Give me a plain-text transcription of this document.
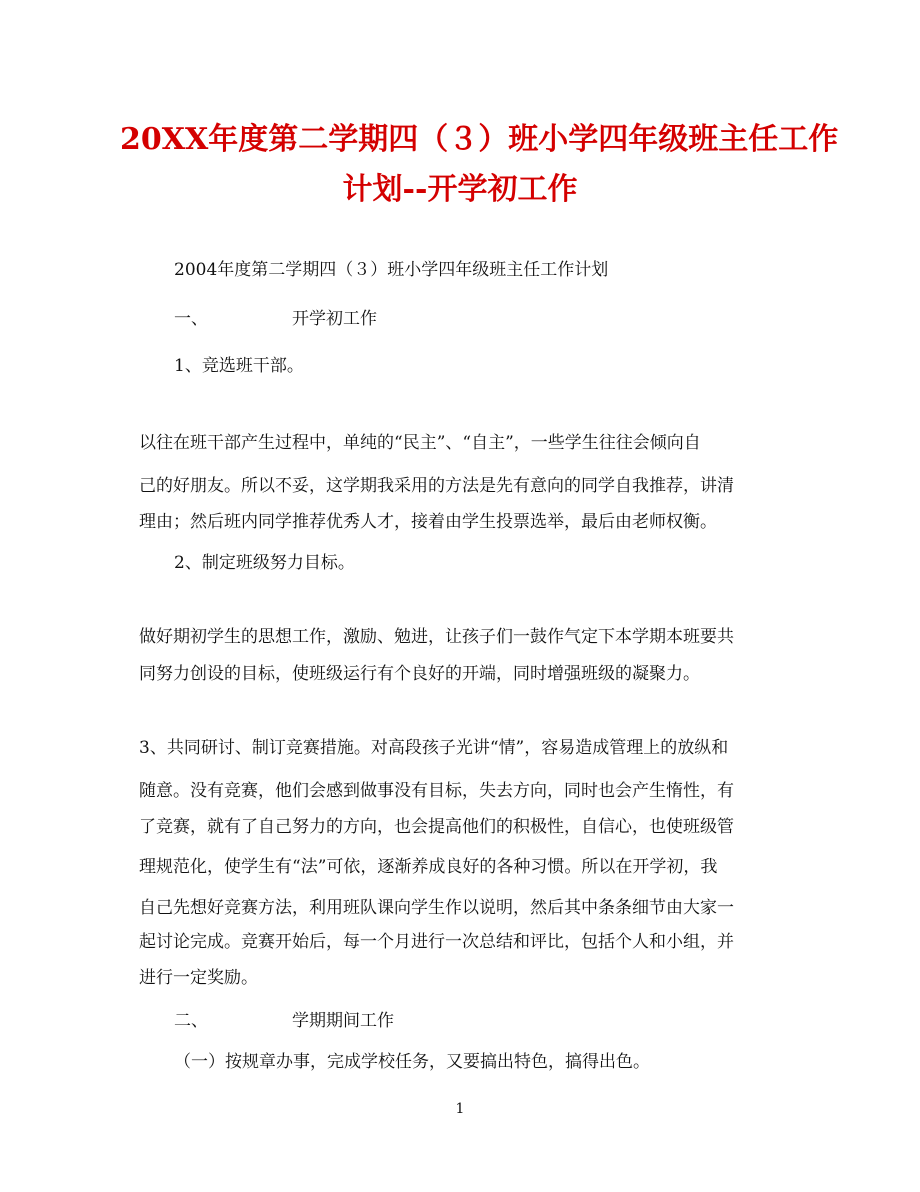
20XX年度第二学期四（３）班小学四年级班主任工作
计划--开学初工作
2004年度第二学期四（３）班小学四年级班主任工作计划
一、	开学初工作
1、竞选班干部。
以往在班干部产生过程中，单纯的“民主”、“自主”，一些学生往往会倾向自
己的好朋友。所以不妥，这学期我采用的方法是先有意向的同学自我推荐，讲清
理由；然后班内同学推荐优秀人才，接着由学生投票选举，最后由老师权衡。
2、制定班级努力目标。
做好期初学生的思想工作，激励、勉进，让孩子们一鼓作气定下本学期本班要共
同努力创设的目标，使班级运行有个良好的开端，同时增强班级的凝聚力。
3、共同研讨、制订竞赛措施。对高段孩子光讲“情”，容易造成管理上的放纵和
随意。没有竞赛，他们会感到做事没有目标，失去方向，同时也会产生惰性，有
了竞赛，就有了自己努力的方向，也会提高他们的积极性，自信心，也使班级管
理规范化，使学生有“法”可依，逐渐养成良好的各种习惯。所以在开学初，我
自己先想好竞赛方法，利用班队课向学生作以说明，然后其中条条细节由大家一
起讨论完成。竞赛开始后，每一个月进行一次总结和评比，包括个人和小组，并
进行一定奖励。
二、	学期期间工作
（一）按规章办事，完成学校任务，又要搞出特色，搞得出色。
1
